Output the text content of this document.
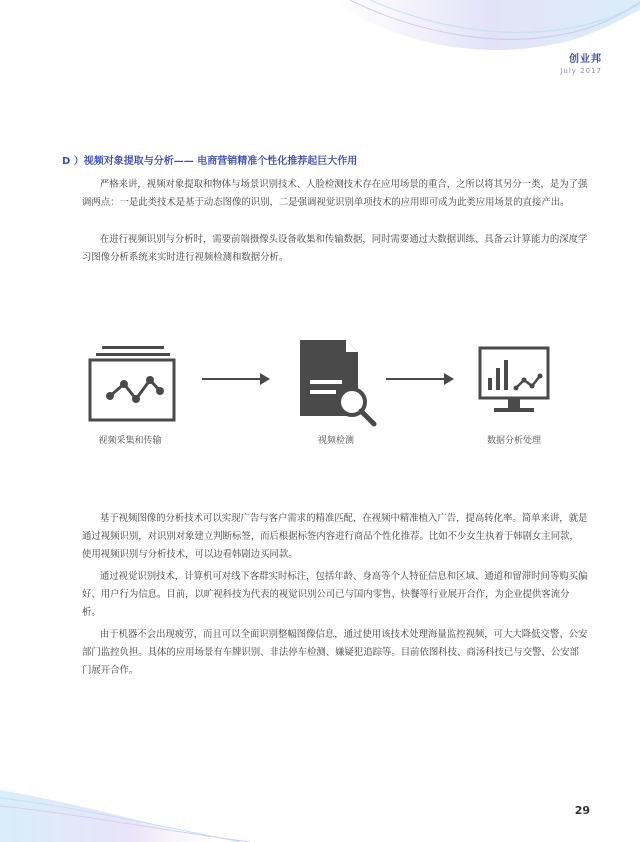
创业邦
July 2017
D ）视频对象提取与分析—— 电商营销精准个性化推荐起巨大作用

严格来讲，视频对象提取和物体与场景识别技术、人脸检测技术存在应用场景的重合，之所以将其另分一类，是为了强调两点：一是此类技术是基于动态图像的识别，二是强调视觉识别单项技术的应用即可成为此类应用场景的直接产出。

在进行视频识别与分析时，需要前端摄像头设备收集和传输数据，同时需要通过大数据训练、具备云计算能力的深度学习图像分析系统来实时进行视频检测和数据分析。

视频采集和传输	视频检测	数据分析处理

基于视频图像的分析技术可以实现广告与客户需求的精准匹配，在视频中精准植入广告，提高转化率。简单来讲，就是通过视频识别，对识别对象建立判断标签，而后根据标签内容进行商品个性化推荐。比如不少女生执着于韩剧女主同款，使用视频识别与分析技术，可以边看韩剧边买同款。

通过视觉识别技术，计算机可对线下客群实时标注，包括年龄、身高等个人特征信息和区域、通道和留滞时间等购买偏好、用户行为信息。目前，以旷视科技为代表的视觉识别公司已与国内零售、快餐等行业展开合作，为企业提供客流分析。

由于机器不会出现疲劳，而且可以全面识别整幅图像信息，通过使用该技术处理海量监控视频，可大大降低交警、公安部门监控负担。具体的应用场景有车牌识别、非法停车检测、嫌疑犯追踪等。目前依图科技、商汤科技已与交警、公安部门展开合作。

29
